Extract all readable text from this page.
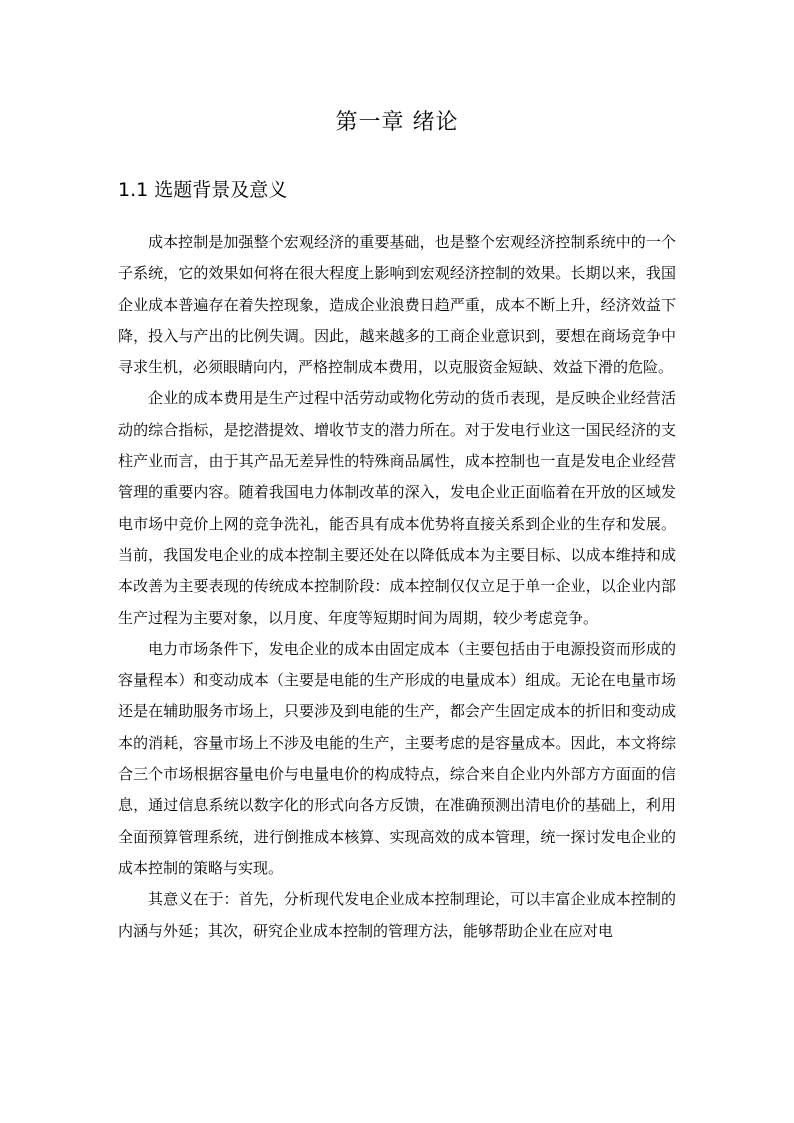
第一章 绪论
1.1 选题背景及意义

成本控制是加强整个宏观经济的重要基础，也是整个宏观经济控制系统中的一个子系统，它的效果如何将在很大程度上影响到宏观经济控制的效果。长期以来，我国企业成本普遍存在着失控现象，造成企业浪费日趋严重，成本不断上升，经济效益下降，投入与产出的比例失调。因此，越来越多的工商企业意识到，要想在商场竞争中寻求生机，必须眼睛向内，严格控制成本费用，以克服资金短缺、效益下滑的危险。

企业的成本费用是生产过程中活劳动或物化劳动的货币表现，是反映企业经营活动的综合指标，是挖潜提效、增收节支的潜力所在。对于发电行业这一国民经济的支柱产业而言，由于其产品无差异性的特殊商品属性，成本控制也一直是发电企业经营管理的重要内容。随着我国电力体制改革的深入，发电企业正面临着在开放的区域发电市场中竞价上网的竞争洗礼，能否具有成本优势将直接关系到企业的生存和发展。当前，我国发电企业的成本控制主要还处在以降低成本为主要目标、以成本维持和成本改善为主要表现的传统成本控制阶段：成本控制仅仅立足于单一企业，以企业内部生产过程为主要对象，以月度、年度等短期时间为周期，较少考虑竞争。

电力市场条件下，发电企业的成本由固定成本（主要包括由于电源投资而形成的容量程本）和变动成本（主要是电能的生产形成的电量成本）组成。无论在电量市场还是在辅助服务市场上，只要涉及到电能的生产，都会产生固定成本的折旧和变动成本的消耗，容量市场上不涉及电能的生产，主要考虑的是容量成本。因此，本文将综合三个市场根据容量电价与电量电价的构成特点，综合来自企业内外部方方面面的信息，通过信息系统以数字化的形式向各方反馈，在准确预测出清电价的基础上，利用全面预算管理系统，进行倒推成本核算、实现高效的成本管理，统一探讨发电企业的成本控制的策略与实现。

其意义在于：首先，分析现代发电企业成本控制理论，可以丰富企业成本控制的内涵与外延；其次，研究企业成本控制的管理方法，能够帮助企业在应对电
